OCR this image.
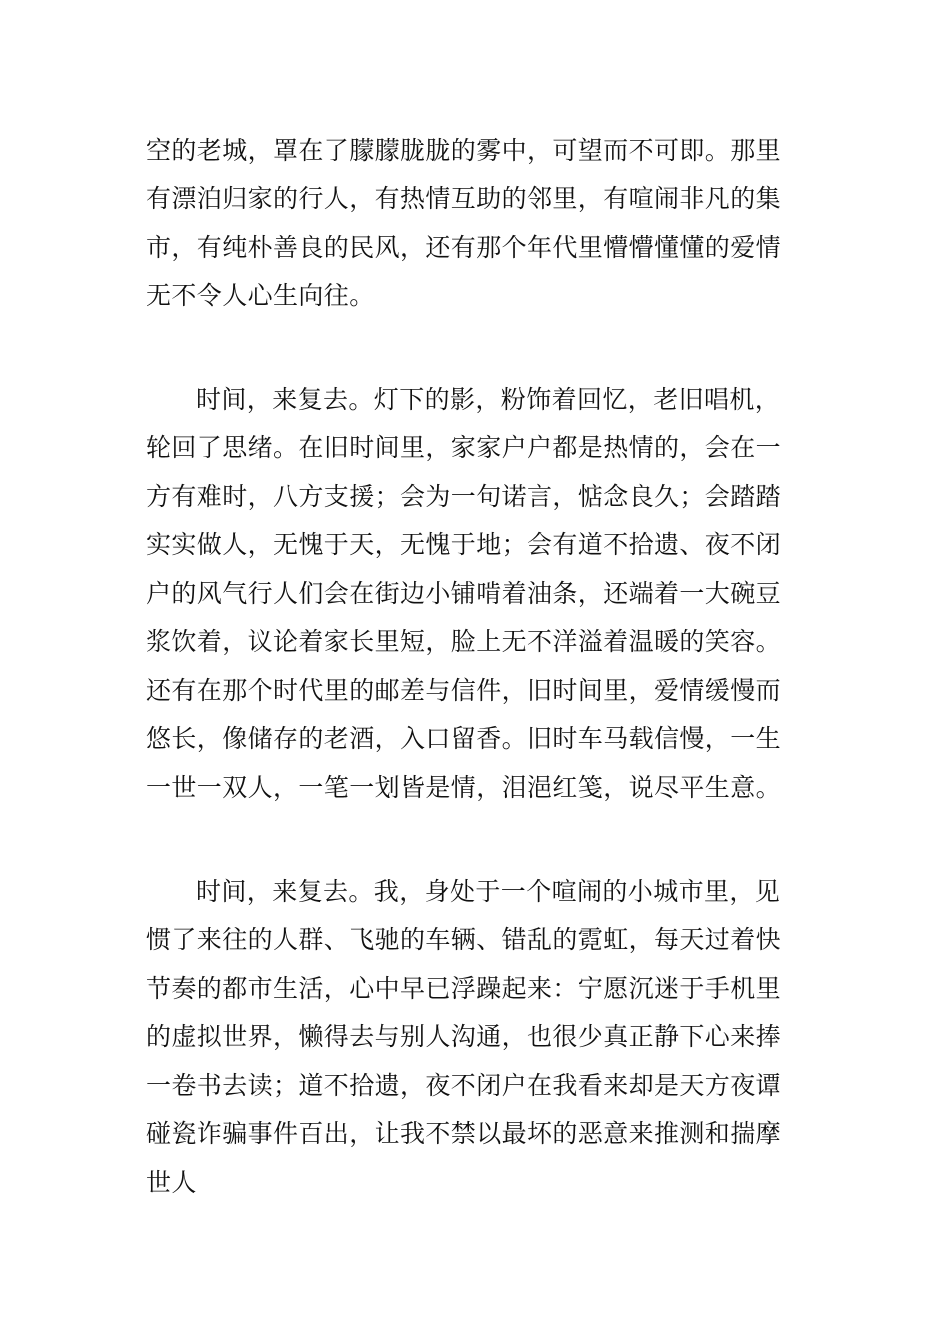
空的老城，罩在了朦朦胧胧的雾中，可望而不可即。那里
有漂泊归家的行人，有热情互助的邻里，有喧闹非凡的集
市，有纯朴善良的民风，还有那个年代里懵懵懂懂的爱情
无不令人心生向往。
时间，来复去。灯下的影，粉饰着回忆，老旧唱机，
轮回了思绪。在旧时间里，家家户户都是热情的，会在一
方有难时，八方支援；会为一句诺言，惦念良久；会踏踏
实实做人，无愧于天，无愧于地；会有道不拾遗、夜不闭
户的风气行人们会在街边小铺啃着油条，还端着一大碗豆
浆饮着，议论着家长里短，脸上无不洋溢着温暖的笑容。
还有在那个时代里的邮差与信件，旧时间里，爱情缓慢而
悠长，像储存的老酒，入口留香。旧时车马载信慢，一生
一世一双人，一笔一划皆是情，泪浥红笺，说尽平生意。
时间，来复去。我，身处于一个喧闹的小城市里，见
惯了来往的人群、飞驰的车辆、错乱的霓虹，每天过着快
节奏的都市生活，心中早已浮躁起来：宁愿沉迷于手机里
的虚拟世界，懒得去与别人沟通，也很少真正静下心来捧
一卷书去读；道不拾遗，夜不闭户在我看来却是天方夜谭
碰瓷诈骗事件百出，让我不禁以最坏的恶意来推测和揣摩
世人
